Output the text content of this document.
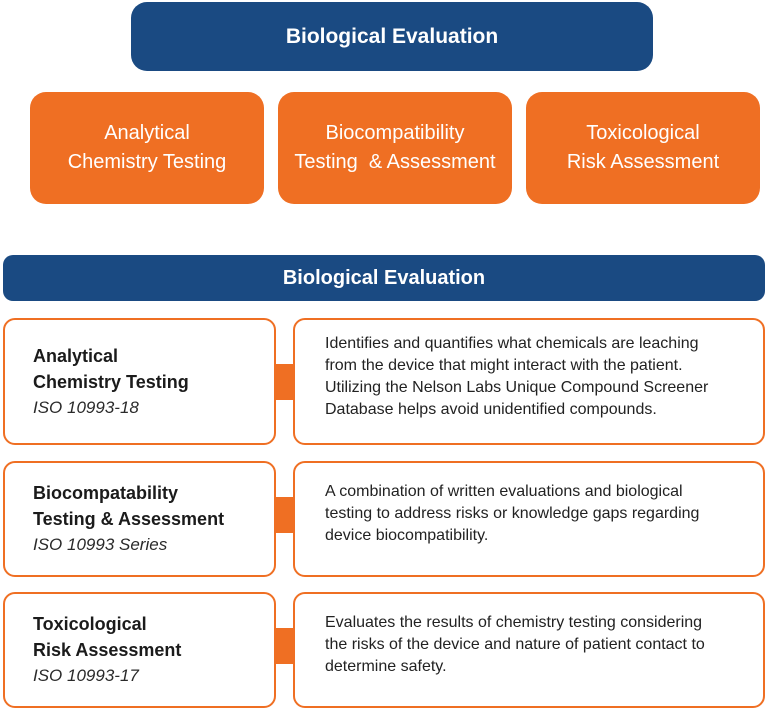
Biological Evaluation
Analytical
Chemistry Testing
Biocompatibility
Testing  & Assessment
Toxicological
Risk Assessment
Biological Evaluation
Analytical
Chemistry Testing
ISO 10993-18
Identifies and quantifies what chemicals are leaching
from the device that might interact with the patient.
Utilizing the Nelson Labs Unique Compound Screener
Database helps avoid unidentified compounds.
Biocompatability
Testing & Assessment
ISO 10993 Series
A combination of written evaluations and biological
testing to address risks or knowledge gaps regarding
device biocompatibility.
Toxicological
Risk Assessment
ISO 10993-17
Evaluates the results of chemistry testing considering
the risks of the device and nature of patient contact to
determine safety.
